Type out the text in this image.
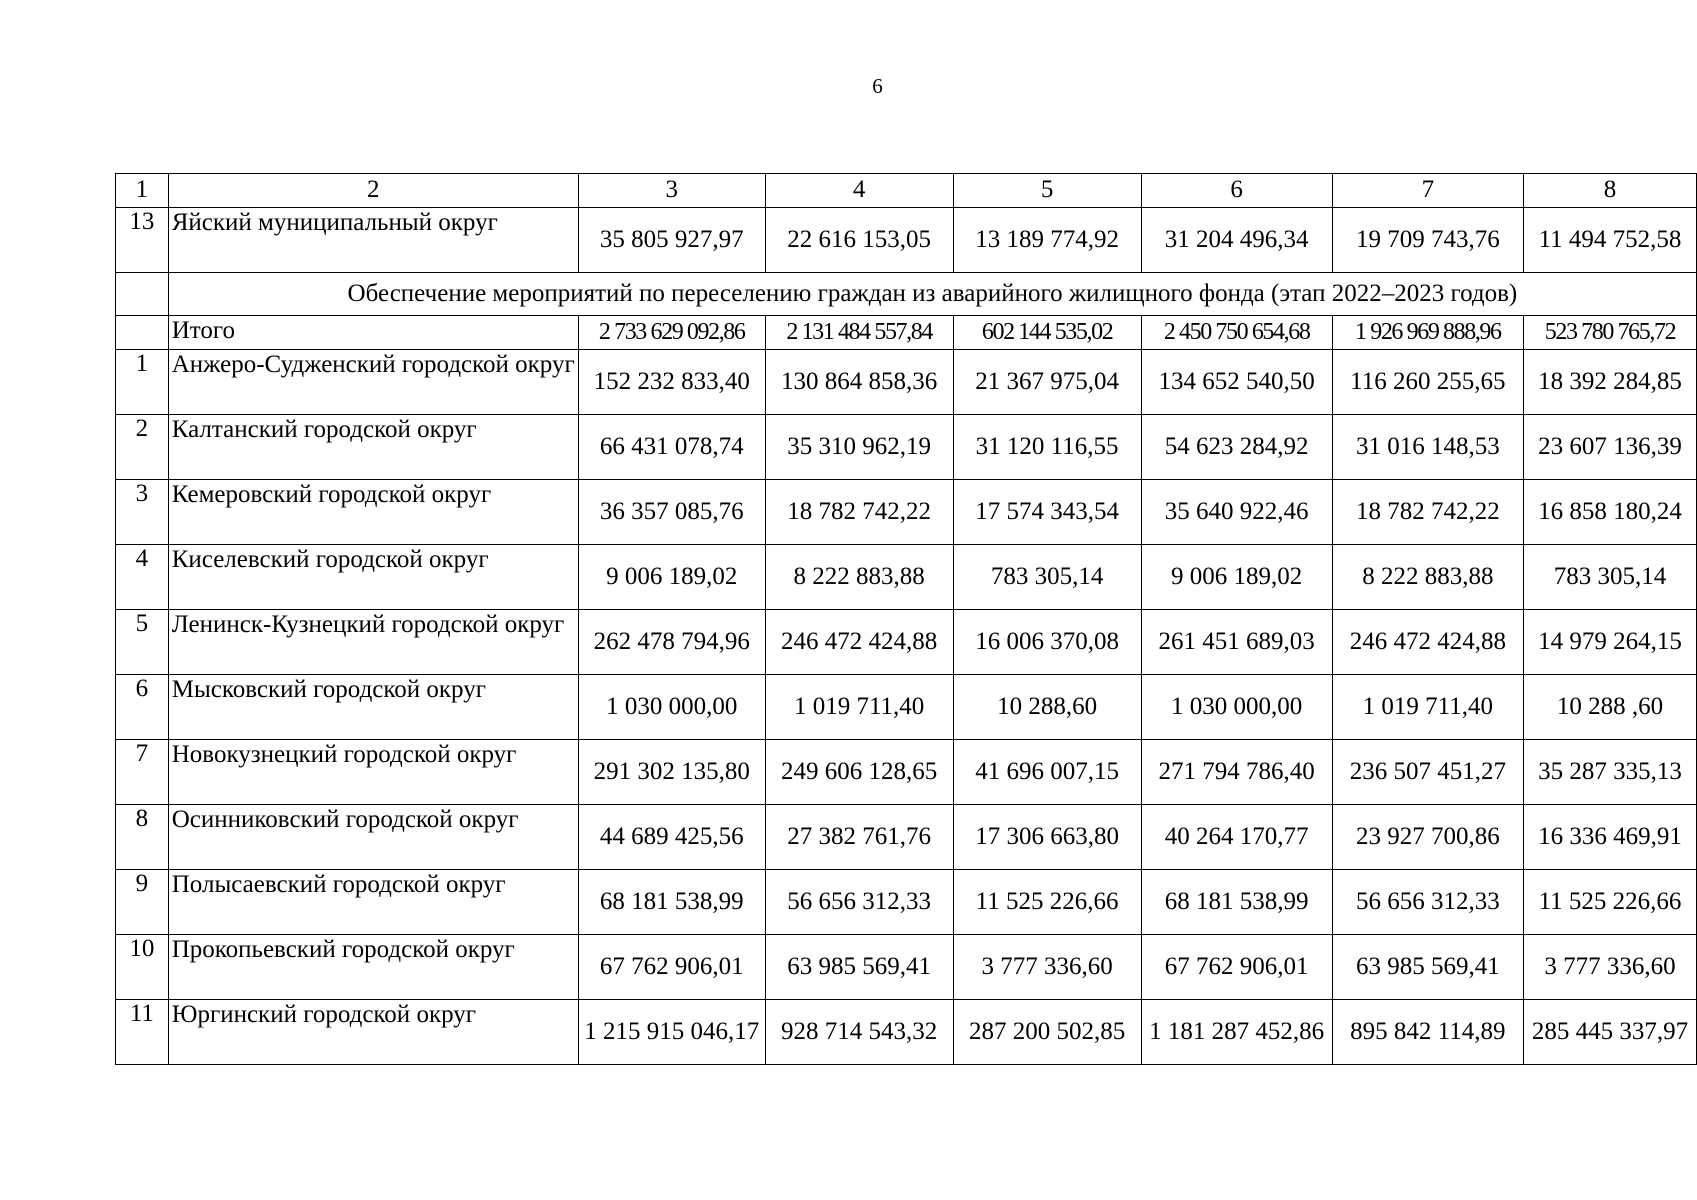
6
1	2	3	4	5	6	7	8
13	Яйский муниципальный округ	35 805 927,97	22 616 153,05	13 189 774,92	31 204 496,34	19 709 743,76	11 494 752,58
	Обеспечение мероприятий по переселению граждан из аварийного жилищного фонда (этап 2022–2023 годов)						
	Итого	2 733 629 092,86	2 131 484 557,84	602 144 535,02	2 450 750 654,68	1 926 969 888,96	523 780 765,72
1	Анжеро-Судженский городской округ	152 232 833,40	130 864 858,36	21 367 975,04	134 652 540,50	116 260 255,65	18 392 284,85
2	Калтанский городской округ	66 431 078,74	35 310 962,19	31 120 116,55	54 623 284,92	31 016 148,53	23 607 136,39
3	Кемеровский городской округ	36 357 085,76	18 782 742,22	17 574 343,54	35 640 922,46	18 782 742,22	16 858 180,24
4	Киселевский городской округ	9 006 189,02	8 222 883,88	783 305,14	9 006 189,02	8 222 883,88	783 305,14
5	Ленинск-Кузнецкий городской округ	262 478 794,96	246 472 424,88	16 006 370,08	261 451 689,03	246 472 424,88	14 979 264,15
6	Мысковский городской округ	1 030 000,00	1 019 711,40	10 288,60	1 030 000,00	1 019 711,40	10 288 ,60
7	Новокузнецкий городской округ	291 302 135,80	249 606 128,65	41 696 007,15	271 794 786,40	236 507 451,27	35 287 335,13
8	Осинниковский городской округ	44 689 425,56	27 382 761,76	17 306 663,80	40 264 170,77	23 927 700,86	16 336 469,91
9	Полысаевский городской округ	68 181 538,99	56 656 312,33	11 525 226,66	68 181 538,99	56 656 312,33	11 525 226,66
10	Прокопьевский городской округ	67 762 906,01	63 985 569,41	3 777 336,60	67 762 906,01	63 985 569,41	3 777 336,60
11	Юргинский городской округ	1 215 915 046,17	928 714 543,32	287 200 502,85	1 181 287 452,86	895 842 114,89	285 445 337,97
